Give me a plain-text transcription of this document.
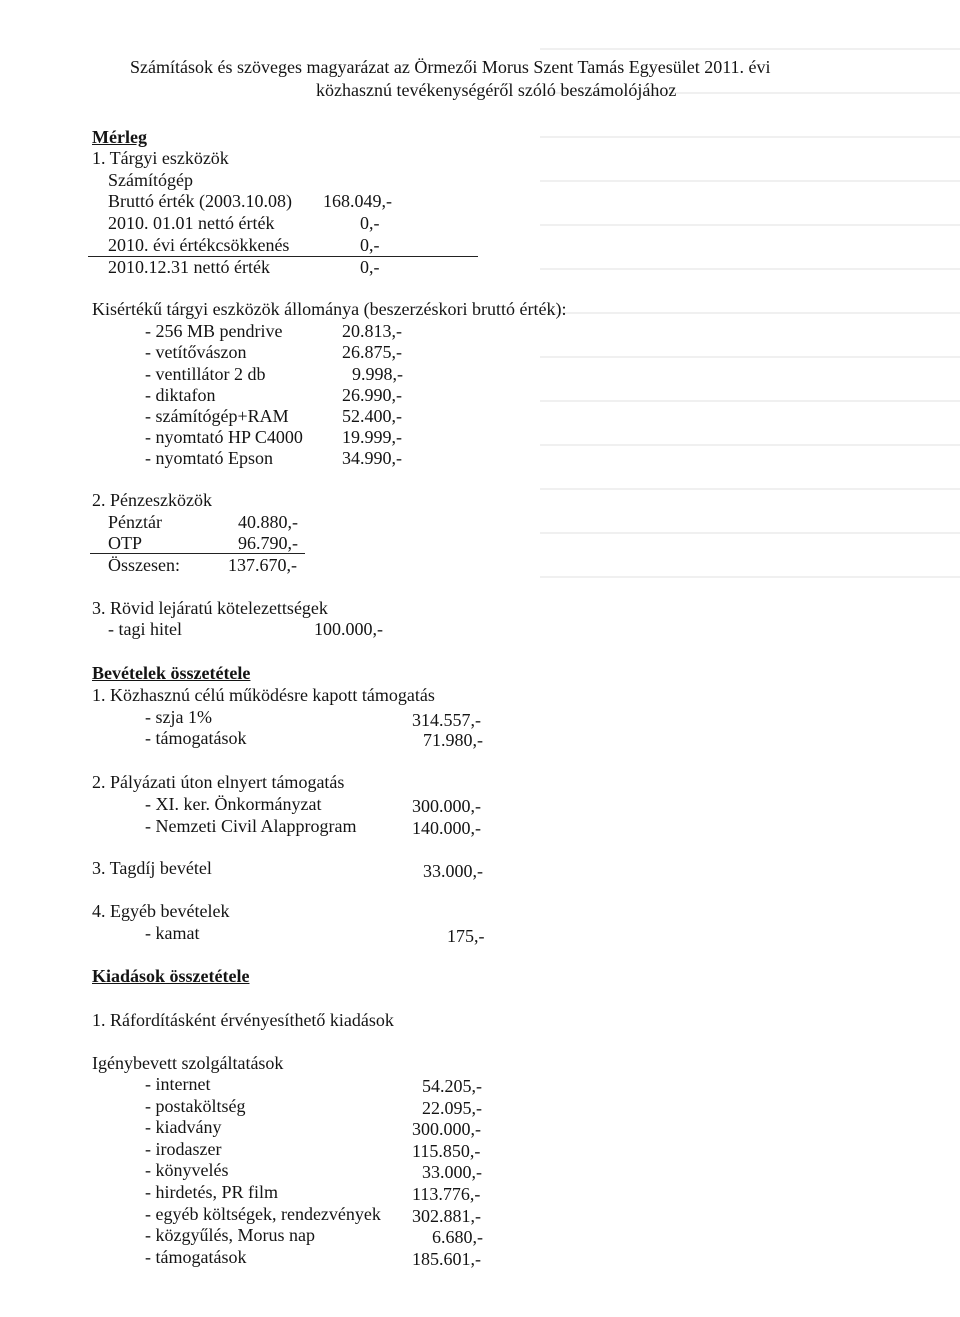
Számítások és szöveges magyarázat az Örmezői Morus Szent Tamás Egyesület 2011. évi
közhasznú tevékenységéről szóló beszámolójához
Mérleg
1. Tárgyi eszközök
Számítógép
Bruttó érték (2003.10.08) 168.049,-
2010. 01.01 nettó érték	0,-
2010. évi értékcsökkenés	0,-
2010.12.31 nettó érték	0,-
Kisértékű tárgyi eszközök állománya (beszerzéskori bruttó érték):
- 256 MB pendrive	20.813,-
- vetítővászon	26.875,-
- ventillátor 2 db	9.998,-
- diktafon	26.990,-
- számítógép+RAM	52.400,-
- nyomtató HP C4000 19.999,-
- nyomtató Epson	34.990,-
2. Pénzeszközök
Pénztár	40.880,-
OTP	96.790,-
Összesen:	137.670,-
3. Rövid lejáratú kötelezettségek
- tagi hitel	100.000,-
Bevételek összetétele
1. Közhasznú célú működésre kapott támogatás
- szja 1%	314.557,-
- támogatások	71.980,-
2. Pályázati úton elnyert támogatás
- XI. ker. Önkormányzat	300.000,-
- Nemzeti Civil Alapprogram	140.000,-
3. Tagdíj bevétel	33.000,-
4. Egyéb bevételek
- kamat	175,-
Kiadások összetétele
1. Ráfordításként érvényesíthető kiadások
Igénybevett szolgáltatások
- internet	54.205,-
- postaköltség	22.095,-
- kiadvány	300.000,-
- irodaszer	115.850,-
- könyvelés	33.000,-
- hirdetés, PR film	113.776,-
- egyéb költségek, rendezvények 302.881,-
- közgyűlés, Morus nap	6.680,-
- támogatások	185.601,-
